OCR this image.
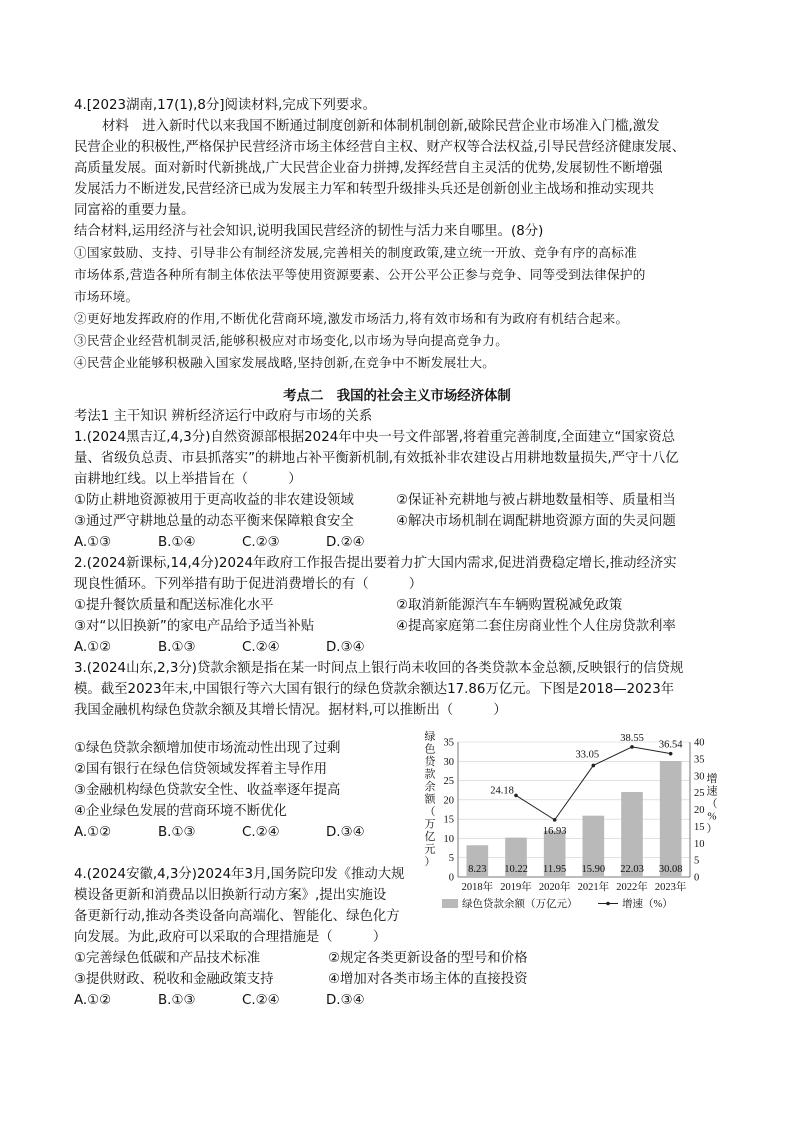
4.[2023湖南,17(1),8分]阅读材料,完成下列要求。
材料　进入新时代以来我国不断通过制度创新和体制机制创新,破除民营企业市场准入门槛,激发
民营企业的积极性,严格保护民营经济市场主体经营自主权、财产权等合法权益,引导民营经济健康发展、
高质量发展。面对新时代新挑战,广大民营企业奋力拼搏,发挥经营自主灵活的优势,发展韧性不断增强
发展活力不断迸发,民营经济已成为发展主力军和转型升级排头兵还是创新创业主战场和推动实现共
同富裕的重要力量。
结合材料,运用经济与社会知识,说明我国民营经济的韧性与活力来自哪里。(8分)
①国家鼓励、支持、引导非公有制经济发展,完善相关的制度政策,建立统一开放、竞争有序的高标准
市场体系,营造各种所有制主体依法平等使用资源要素、公开公平公正参与竞争、同等受到法律保护的
市场环境。
②更好地发挥政府的作用,不断优化营商环境,激发市场活力,将有效市场和有为政府有机结合起来。
③民营企业经营机制灵活,能够积极应对市场变化,以市场为导向提高竞争力。
④民营企业能够积极融入国家发展战略,坚持创新,在竞争中不断发展壮大。
考点二　我国的社会主义市场经济体制
考法1 主干知识 辨析经济运行中政府与市场的关系
1.(2024黑吉辽,4,3分)自然资源部根据2024年中央一号文件部署,将着重完善制度,全面建立“国家资总
量、省级负总责、市县抓落实”的耕地占补平衡新机制,有效抵补非农建设占用耕地数量损失,严守十八亿
亩耕地红线。以上举措旨在（　　　）
①防止耕地资源被用于更高收益的非农建设领域	②保证补充耕地与被占耕地数量相等、质量相当
③通过严守耕地总量的动态平衡来保障粮食安全	④解决市场机制在调配耕地资源方面的失灵问题
A.①③	B.①④	C.②③	D.②④
2.(2024新课标,14,4分)2024年政府工作报告提出要着力扩大国内需求,促进消费稳定增长,推动经济实
现良性循环。下列举措有助于促进消费增长的有（　　　）
①提升餐饮质量和配送标准化水平	②取消新能源汽车车辆购置税减免政策
③对“以旧换新”的家电产品给予适当补贴	④提高家庭第二套住房商业性个人住房贷款利率
A.①②	B.①③	C.②④	D.③④
3.(2024山东,2,3分)贷款余额是指在某一时间点上银行尚未收回的各类贷款本金总额,反映银行的信贷规
模。截至2023年末,中国银行等六大国有银行的绿色贷款余额达17.86万亿元。下图是2018—2023年
我国金融机构绿色贷款余额及其增长情况。据材料,可以推断出（　　　）
①绿色贷款余额增加使市场流动性出现了过剩
②国有银行在绿色信贷领域发挥着主导作用
③金融机构绿色贷款安全性、收益率逐年提高
④企业绿色发展的营商环境不断优化
A.①②	B.①③	C.②④	D.③④
0
5
10
15
20
25
30
35
0
5
10
15
20
25
30
35
40
8.23
2018年
10.22
2019年
11.95
2020年
15.90
2021年
22.03
2022年
30.08
2023年
24.18
16.93
33.05
38.55
36.54
绿色贷款余额（万亿元）
增速（%）
绿色贷款余额（万亿元）	增速（%）
4.(2024安徽,4,3分)2024年3月,国务院印发《推动大规
模设备更新和消费品以旧换新行动方案》,提出实施设
备更新行动,推动各类设备向高端化、智能化、绿色化方
向发展。为此,政府可以采取的合理措施是（　　　）
①完善绿色低碳和产品技术标准	②规定各类更新设备的型号和价格
③提供财政、税收和金融政策支持	④增加对各类市场主体的直接投资
A.①②	B.①③	C.②④	D.③④
